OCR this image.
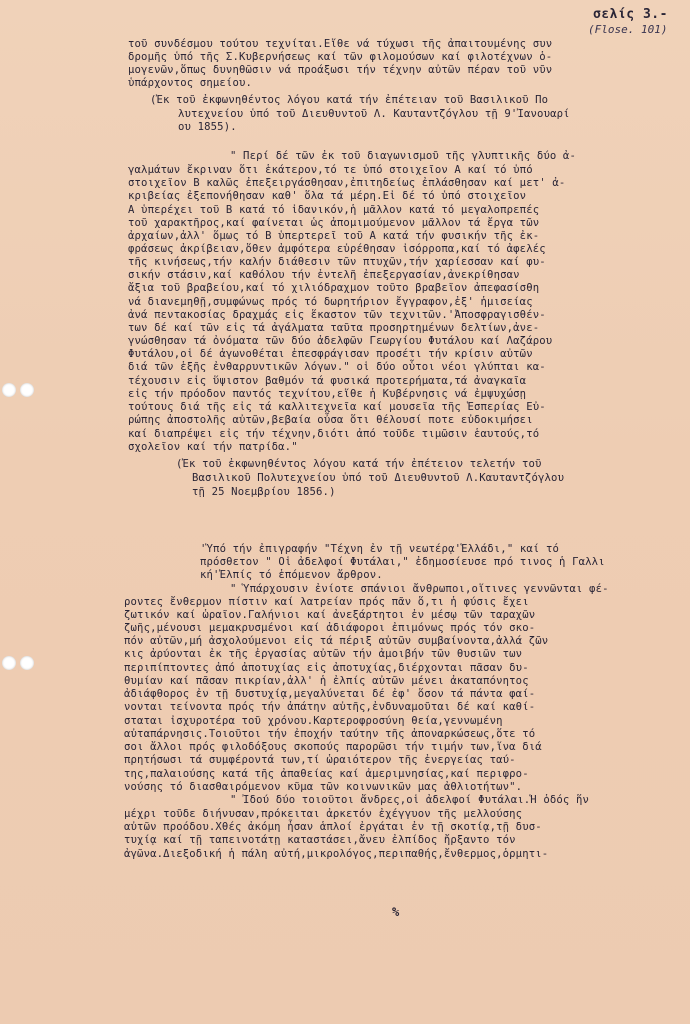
σελίς 3.-
(Flose. 101)
τοῦ συνδέσμου τούτου τεχνίται.Εἴθε νά τύχωσι τῆς ἀπαιτουμένης συν
δρομῆς ὑπό τῆς Σ.Κυβερνήσεως καί τῶν φιλομούσων καί φιλοτέχνων ὁ-
μογενῶν,ὅπως δυνηθῶσιν νά προάξωσι τήν τέχνην αὐτῶν πέραν τοῦ νῦν
ὑπάρχοντος σημείου.
(Ἐκ τοῦ ἐκφωνηθέντος λόγου κατά τήν ἐπέτειαν τοῦ Βασιλικοῦ Πο
λυτεχνείου ὑπό τοῦ Διευθυντοῦ Λ. Καυταντζόγλου τῇ 9'Ἰανουαρί
ου 1855).
" Περί δέ τῶν ἐκ τοῦ διαγωνισμοῦ τῆς γλυπτικῆς δύο ἀ-
γαλμάτων ἔκριναν ὅτι ἑκάτερον,τό τε ὑπό στοιχεῖον Α καί τό ὑπό
στοιχεῖον Β καλῶς ἐπεξειργάσθησαν,ἐπιτηδείως ἐπλάσθησαν καί μετ' ἀ-
κριβείας ἐξεπονήθησαν καθ' ὅλα τά μέρη.Εἰ δέ τό ὑπό στοιχεῖον
Α ὑπερέχει τοῦ Β κατά τό ἰδανικόν,ἡ μᾶλλον κατά τό μεγαλοπρεπές
τοῦ χαρακτῆρος,καί φαίνεται ὡς ἀπομιμούμενον μᾶλλον τά ἔργα τῶν
ἀρχαίων,ἀλλ' ὅμως τό Β ὑπερτερεῖ τοῦ Α κατά τήν φυσικήν τῆς ἐκ-
φράσεως ἀκρίβειαν,ὅθεν ἀμφότερα εὑρέθησαν ἰσόρροπα,καί τό ἀφελές
τῆς κινήσεως,τήν καλήν διάθεσιν τῶν πτυχῶν,τήν χαρίεσσαν καί φυ-
σικήν στάσιν,καί καθόλου τήν ἐντελῆ ἐπεξεργασίαν,ἀνεκρίθησαν
ἄξια τοῦ βραβείου,καί τό χιλιόδραχμον τοῦτο βραβεῖον ἀπεφασίσθη
νά διανεμηθῇ,συμφώνως πρός τό δωρητήριον ἔγγραφον,ἐξ' ἡμισείας
ἀνά πεντακοσίας δραχμάς εἰς ἕκαστον τῶν τεχνιτῶν.'Ἀποσφραγισθέν-
των δέ καί τῶν εἰς τά ἀγάλματα ταῦτα προσηρτημένων δελτίων,ἀνε-
γνώσθησαν τά ὀνόματα τῶν δύο ἀδελφῶν Γεωργίου Φυτάλου καί Λαζάρου
Φυτάλου,οἱ δέ ἀγωνοθέται ἐπεσφράγισαν προσέτι τήν κρίσιν αὐτῶν
διά τῶν ἑξῆς ἐνθαρρυντικῶν λόγων." οἱ δύο οὗτοι νέοι γλύπται κα-
τέχουσιν εἰς ὕψιστον βαθμόν τά φυσικά προτερήματα,τά ἀναγκαῖα
εἰς τήν πρόοδον παντός τεχνίτου,εἴθε ἡ Κυβέρνησις νά ἐμψυχώσῃ
τούτους διά τῆς εἰς τά καλλιτεχνεῖα καί μουσεῖα τῆς Ἑσπερίας Εὐ-
ρώπης ἀποστολῆς αὐτῶν,βεβαία οὖσα ὅτι θέλουσί ποτε εὐδοκιμήσει
καί διαπρέψει εἰς τήν τέχνην,διότι ἀπό τοῦδε τιμῶσιν ἑαυτούς,τό
σχολεῖον καί τήν πατρίδα."
(Ἐκ τοῦ ἐκφωνηθέντος λόγου κατά τήν ἐπέτειον τελετήν τοῦ
Βασιλικοῦ Πολυτεχνείου ὑπό τοῦ Διευθυντοῦ Λ.Καυταντζόγλου
τῇ 25 Νοεμβρίου 1856.)
'Ὑπό τήν ἐπιγραφήν "Τέχνη ἐν τῇ νεωτέρᾳ'Ἑλλάδι," καί τό
πρόσθετον " Οἱ ἀδελφοί Φυτάλαι," ἐδημοσίευσε πρό τινος ἡ Γαλλι
κή'Ἐλπίς τό ἑπόμενον ἄρθρον.
" Ὑπάρχουσιν ἐνίοτε σπάνιοι ἄνθρωποι,οἵτινες γεννῶνται φέ-
ροντες ἔνθερμον πίστιν καί λατρείαν πρός πᾶν ὅ,τι ἡ φύσις ἔχει
ζωτικόν καί ὡραῖον.Γαλήνιοι καί ἀνεξάρτητοι ἐν μέσῳ τῶν ταραχῶν
ζωῆς,μένουσι μεμακρυσμένοι καί ἀδιάφοροι ἐπιμόνως πρός τόν σκο-
πόν αὐτῶν,μή ἀσχολούμενοι εἰς τά πέριξ αὐτῶν συμβαίνοντα,ἀλλά ζῶν
κις ἀρύονται ἐκ τῆς ἐργασίας αὐτῶν τήν ἀμοιβήν τῶν θυσιῶν των
περιπίπτοντες ἀπό ἀποτυχίας εἰς ἀποτυχίας,διέρχονται πᾶσαν δυ-
θυμίαν καί πᾶσαν πικρίαν,ἀλλ' ἡ ἐλπίς αὐτῶν μένει ἀκαταπόνητος
ἀδιάφθορος ἐν τῇ δυστυχίᾳ,μεγαλύνεται δέ ἐφ' ὅσον τά πάντα φαί-
νονται τείνοντα πρός τήν ἀπάτην αὐτῆς,ἐνδυναμοῦται δέ καί καθί-
σταται ἰσχυροτέρα τοῦ χρόνου.Καρτεροφροσύνη θεία,γεννωμένη
αὐταπάρνησις.Τοιοῦτοι τήν ἐποχήν ταύτην τῆς ἀποναρκώσεως,ὅτε τό
σοι ἄλλοι πρός φιλοδόξους σκοπούς παρορῶσι τήν τιμήν των,ἵνα διά
πρητήσωσι τά συμφέροντά των,τί ὡραιότερον τῆς ἐνεργείας ταύ-
της,παλαιούσης κατά τῆς ἀπαθείας καί ἀμεριμνησίας,καί περιφρο-
νούσης τό διασθαιρόμενον κῦμα τῶν κοινωνικῶν μας ἀθλιοτήτων".
" Ἰδού δύο τοιοῦτοι ἄνδρες,οἱ ἀδελφοί Φυτάλαι.Ἡ ὁδός ἥν
μέχρι τοῦδε διήνυσαν,πρόκειται ἀρκετόν ἐχέγγυον τῆς μελλούσης
αὐτῶν προόδου.Χθές ἀκόμη ἦσαν ἁπλοί ἐργάται ἐν τῇ σκοτίᾳ,τῇ δυσ-
τυχίᾳ καί τῇ ταπεινοτάτῃ καταστάσει,ἄνευ ἐλπίδος ἤρξαντο τόν
ἀγῶνα.Διεξοδική ἡ πάλη αὐτή,μικρολόγος,περιπαθής,ἔνθερμος,ὁρμητι-
%
